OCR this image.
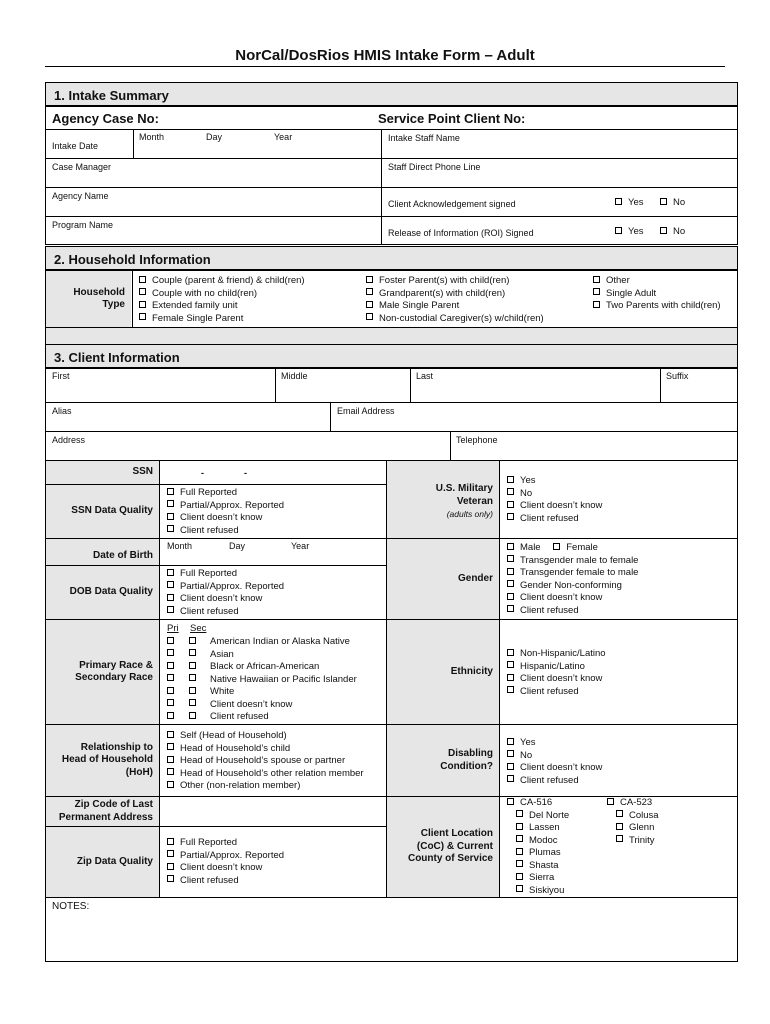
NorCal/DosRios HMIS Intake Form – Adult
1. Intake Summary
Agency Case No:	Service Point Client No:
Month	Day	Year
Intake Date
Intake Staff Name
Case Manager	Staff Direct Phone Line
Agency Name
Client Acknowledgement signed	Yes	No
Program Name
Release of Information (ROI) Signed	Yes	No
2. Household Information
Household
Type
Couple (parent & friend) & child(ren)
Couple with no child(ren)
Extended family unit
Female Single Parent
Foster Parent(s) with child(ren)
Grandparent(s) with child(ren)
Male Single Parent
Non-custodial Caregiver(s) w/child(ren)
Other
Single Adult
Two Parents with child(ren)
3. Client Information
First	Middle	Last	Suffix
Alias	Email Address
Address	Telephone
SSN	-	-
SSN Data Quality
Full Reported
Partial/Approx. Reported
Client doesn’t know
Client refused
U.S. Military
Veteran
(adults only)
Yes
No
Client doesn’t know
Client refused
Date of Birth
Month	Day	Year
DOB Data Quality
Full Reported
Partial/Approx. Reported
Client doesn’t know
Client refused
Gender
Male	Female
Transgender male to female
Transgender female to male
Gender Non-conforming
Client doesn’t know
Client refused
Primary Race &
Secondary Race
Pri Sec
American Indian or Alaska Native
Asian
Black or African-American
Native Hawaiian or Pacific Islander
White
Client doesn’t know
Client refused
Ethnicity
Non-Hispanic/Latino
Hispanic/Latino
Client doesn’t know
Client refused
Relationship to
Head of Household
(HoH)
Self (Head of Household)
Head of Household’s child
Head of Household’s spouse or partner
Head of Household’s other relation member
Other (non-relation member)
Disabling
Condition?
Yes
No
Client doesn’t know
Client refused
Zip Code of Last
Permanent Address
Zip Data Quality
Full Reported
Partial/Approx. Reported
Client doesn’t know
Client refused
Client Location
(CoC) & Current
County of Service
CA-516
Del Norte
Lassen
Modoc
Plumas
Shasta
Sierra
Siskiyou
CA-523
Colusa
Glenn
Trinity
NOTES:
